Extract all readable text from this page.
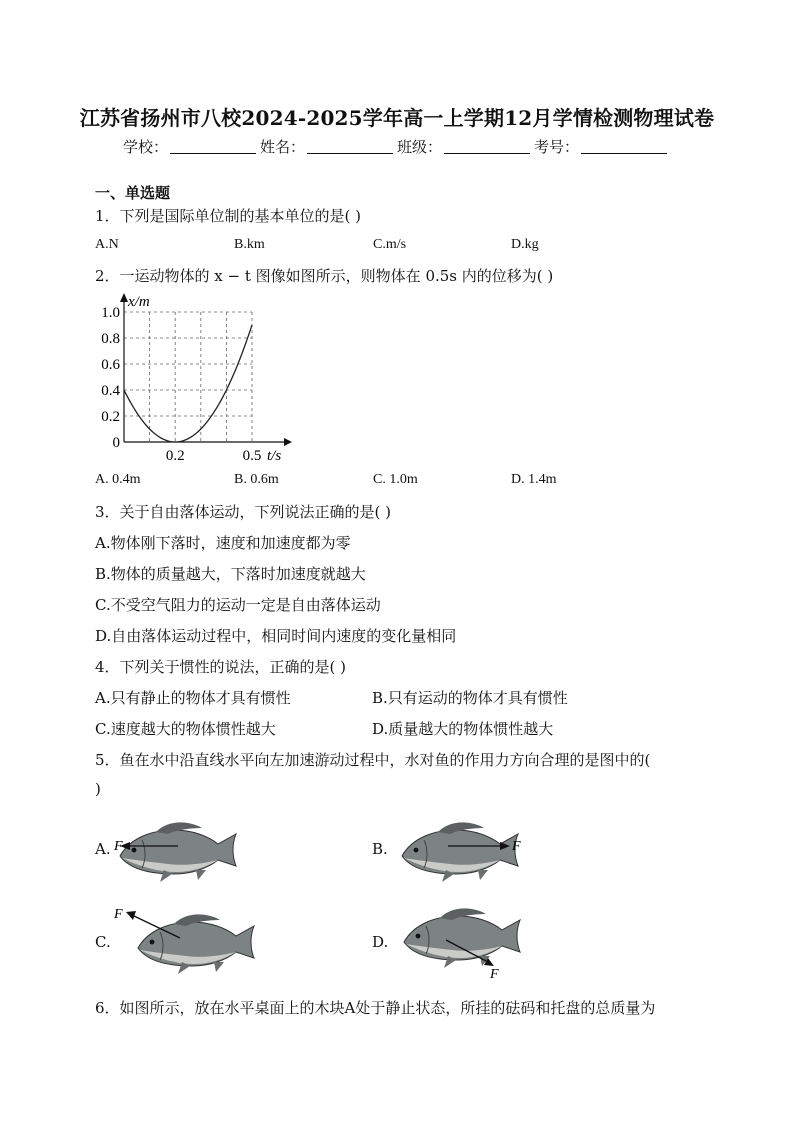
江苏省扬州市八校2024-2025学年高一上学期12月学情检测物理试卷
学校：	姓名：	班级：	考号：
一、单选题
1．下列是国际单位制的基本单位的是( )
A.N	B.km	C.m/s	D.kg
2．一运动物体的 x − t 图像如图所示，则物体在 0.5s 内的位移为( )
x/m
t/s
0
0.2
0.4
0.6
0.8
1.0
0.2	0.5
A. 0.4m	B. 0.6m	C. 1.0m	D. 1.4m
3．关于自由落体运动，下列说法正确的是( )
A.物体刚下落时，速度和加速度都为零
B.物体的质量越大，下落时加速度就越大
C.不受空气阻力的运动一定是自由落体运动
D.自由落体运动过程中，相同时间内速度的变化量相同
4．下列关于惯性的说法，正确的是( )
A.只有静止的物体才具有惯性	B.只有运动的物体才具有惯性
C.速度越大的物体惯性越大	D.质量越大的物体惯性越大
5．鱼在水中沿直线水平向左加速游动过程中，水对鱼的作用力方向合理的是图中的(
)
A.	B.
C.	D.
F	F
F
F
6．如图所示，放在水平桌面上的木块A处于静止状态，所挂的砝码和托盘的总质量为
